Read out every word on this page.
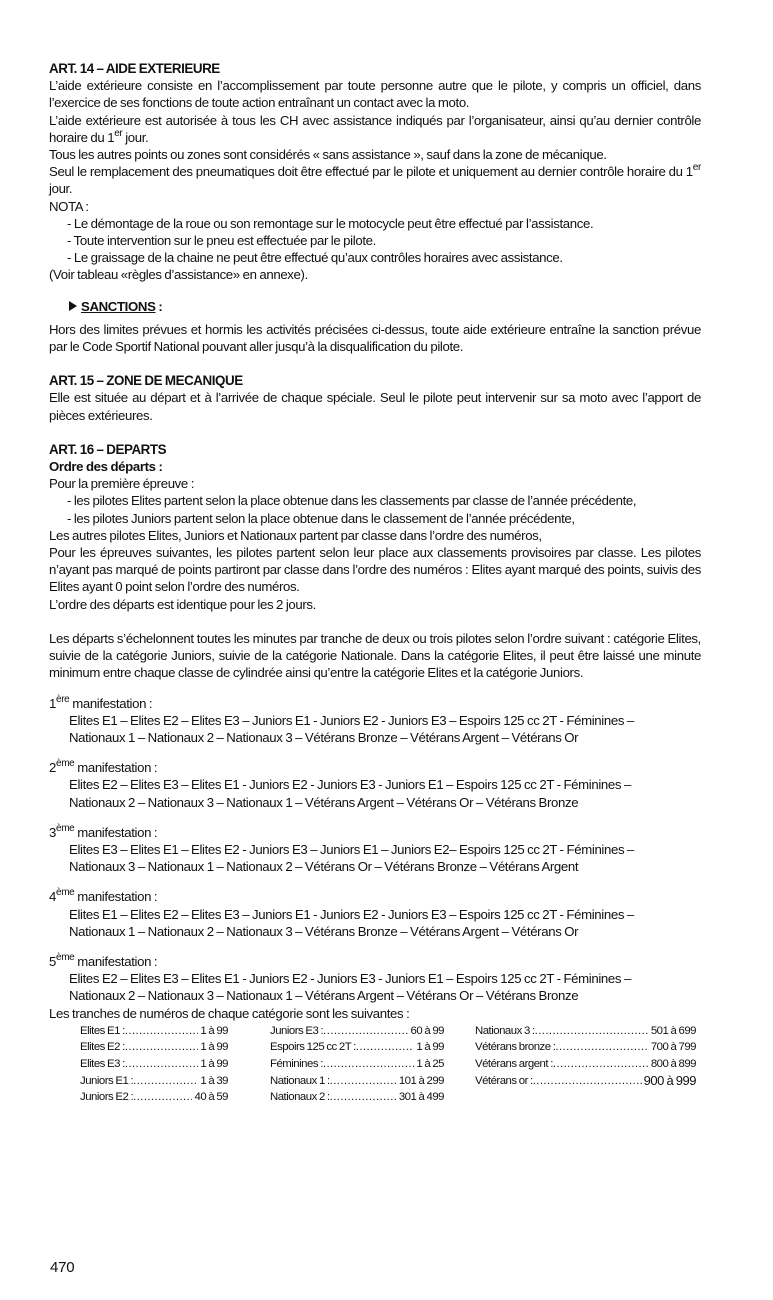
ART. 14 – AIDE EXTERIEURE

L’aide extérieure consiste en l’accomplissement par toute personne autre que le pilote, y compris un officiel, dans l’exercice de ses fonctions de toute action entraînant un contact avec la moto.

L’aide extérieure est autorisée à tous les CH avec assistance indiqués par l’organisateur, ainsi qu’au dernier contrôle horaire du 1er jour.

Tous les autres points ou zones sont considérés « sans assistance », sauf dans la zone de mécanique.

Seul le remplacement des pneumatiques doit être effectué par le pilote et uniquement au dernier contrôle horaire du 1er jour.

NOTA :

- Le démontage de la roue ou son remontage sur le motocycle peut être effectué par l’assistance.

- Toute intervention sur le pneu est effectuée par le pilote.

- Le graissage de la chaine ne peut être effectué qu’aux contrôles horaires avec assistance.

(Voir tableau «règles d’assistance» en annexe).

SANCTIONS :

Hors des limites prévues et hormis les activités précisées ci-dessus, toute aide extérieure entraîne la sanction prévue par le Code Sportif National pouvant aller jusqu’à la disqualification du pilote.

ART. 15 – ZONE DE MECANIQUE

Elle est située au départ et à l’arrivée de chaque spéciale. Seul le pilote peut intervenir sur sa moto avec l’apport de pièces extérieures.

ART. 16 – DEPARTS

Ordre des départs :

Pour la première épreuve :

- les pilotes Elites partent selon la place obtenue dans les classements par classe de l’année précédente,

- les pilotes Juniors partent selon la place obtenue dans le classement de l’année précédente,

Les autres pilotes Elites, Juniors et Nationaux partent par classe dans l’ordre des numéros,

Pour les épreuves suivantes, les pilotes partent selon leur place aux classements provisoires par classe. Les pilotes n’ayant pas marqué de points partiront par classe dans l’ordre des numéros : Elites ayant marqué des points, suivis des Elites ayant 0 point selon l’ordre des numéros.

L’ordre des départs est identique pour les 2 jours.

Les départs s’échelonnent toutes les minutes par tranche de deux ou trois pilotes selon l’ordre suivant : catégorie Elites, suivie de la catégorie Juniors, suivie de la catégorie Nationale. Dans la catégorie Elites, il peut être laissé une minute minimum entre chaque classe de cylindrée ainsi qu’entre la catégorie Elites et la catégorie Juniors.

1ère manifestation :
Elites E1 – Elites E2 – Elites E3 – Juniors E1 - Juniors E2 - Juniors E3 – Espoirs 125 cc 2T - Féminines –
Nationaux 1 – Nationaux 2 – Nationaux 3 – Vétérans Bronze – Vétérans Argent – Vétérans Or
2ème manifestation :
Elites E2 – Elites E3 – Elites E1 - Juniors E2 - Juniors E3 - Juniors E1 – Espoirs 125 cc 2T - Féminines –
Nationaux 2 – Nationaux 3 – Nationaux 1 – Vétérans Argent – Vétérans Or – Vétérans Bronze
3ème manifestation :
Elites E3 – Elites E1 – Elites E2 - Juniors E3 – Juniors E1 – Juniors E2– Espoirs 125 cc 2T - Féminines –
Nationaux 3 – Nationaux 1 – Nationaux 2 – Vétérans Or – Vétérans Bronze – Vétérans Argent
4ème manifestation :
Elites E1 – Elites E2 – Elites E3 – Juniors E1 - Juniors E2 - Juniors E3 – Espoirs 125 cc 2T - Féminines –
Nationaux 1 – Nationaux 2 – Nationaux 3 – Vétérans Bronze – Vétérans Argent – Vétérans Or
5ème manifestation :
Elites E2 – Elites E3 – Elites E1 - Juniors E2 - Juniors E3 - Juniors E1 – Espoirs 125 cc 2T - Féminines –
Nationaux 2 – Nationaux 3 – Nationaux 1 – Vétérans Argent – Vétérans Or – Vétérans Bronze

Les tranches de numéros de chaque catégorie sont les suivantes :

Elites E1 : .....	1 à 99
Elites E2 : .....	1 à 99
Elites E3 : .....	1 à 99
Juniors E1 : .....	1 à 39
Juniors E2 : .....	40 à 59
Juniors E3 : .....	60 à 99
Espoirs 125 cc 2T : .....	1 à 99
Féminines : .....	1 à 25
Nationaux 1 : .....	101 à 299
Nationaux 2 : .....	301 à 499
Nationaux 3 : .....	501 à 699
Vétérans bronze : .....	700 à 799
Vétérans argent : .....	800 à 899
Vétérans or : .....	900 à 999
470
